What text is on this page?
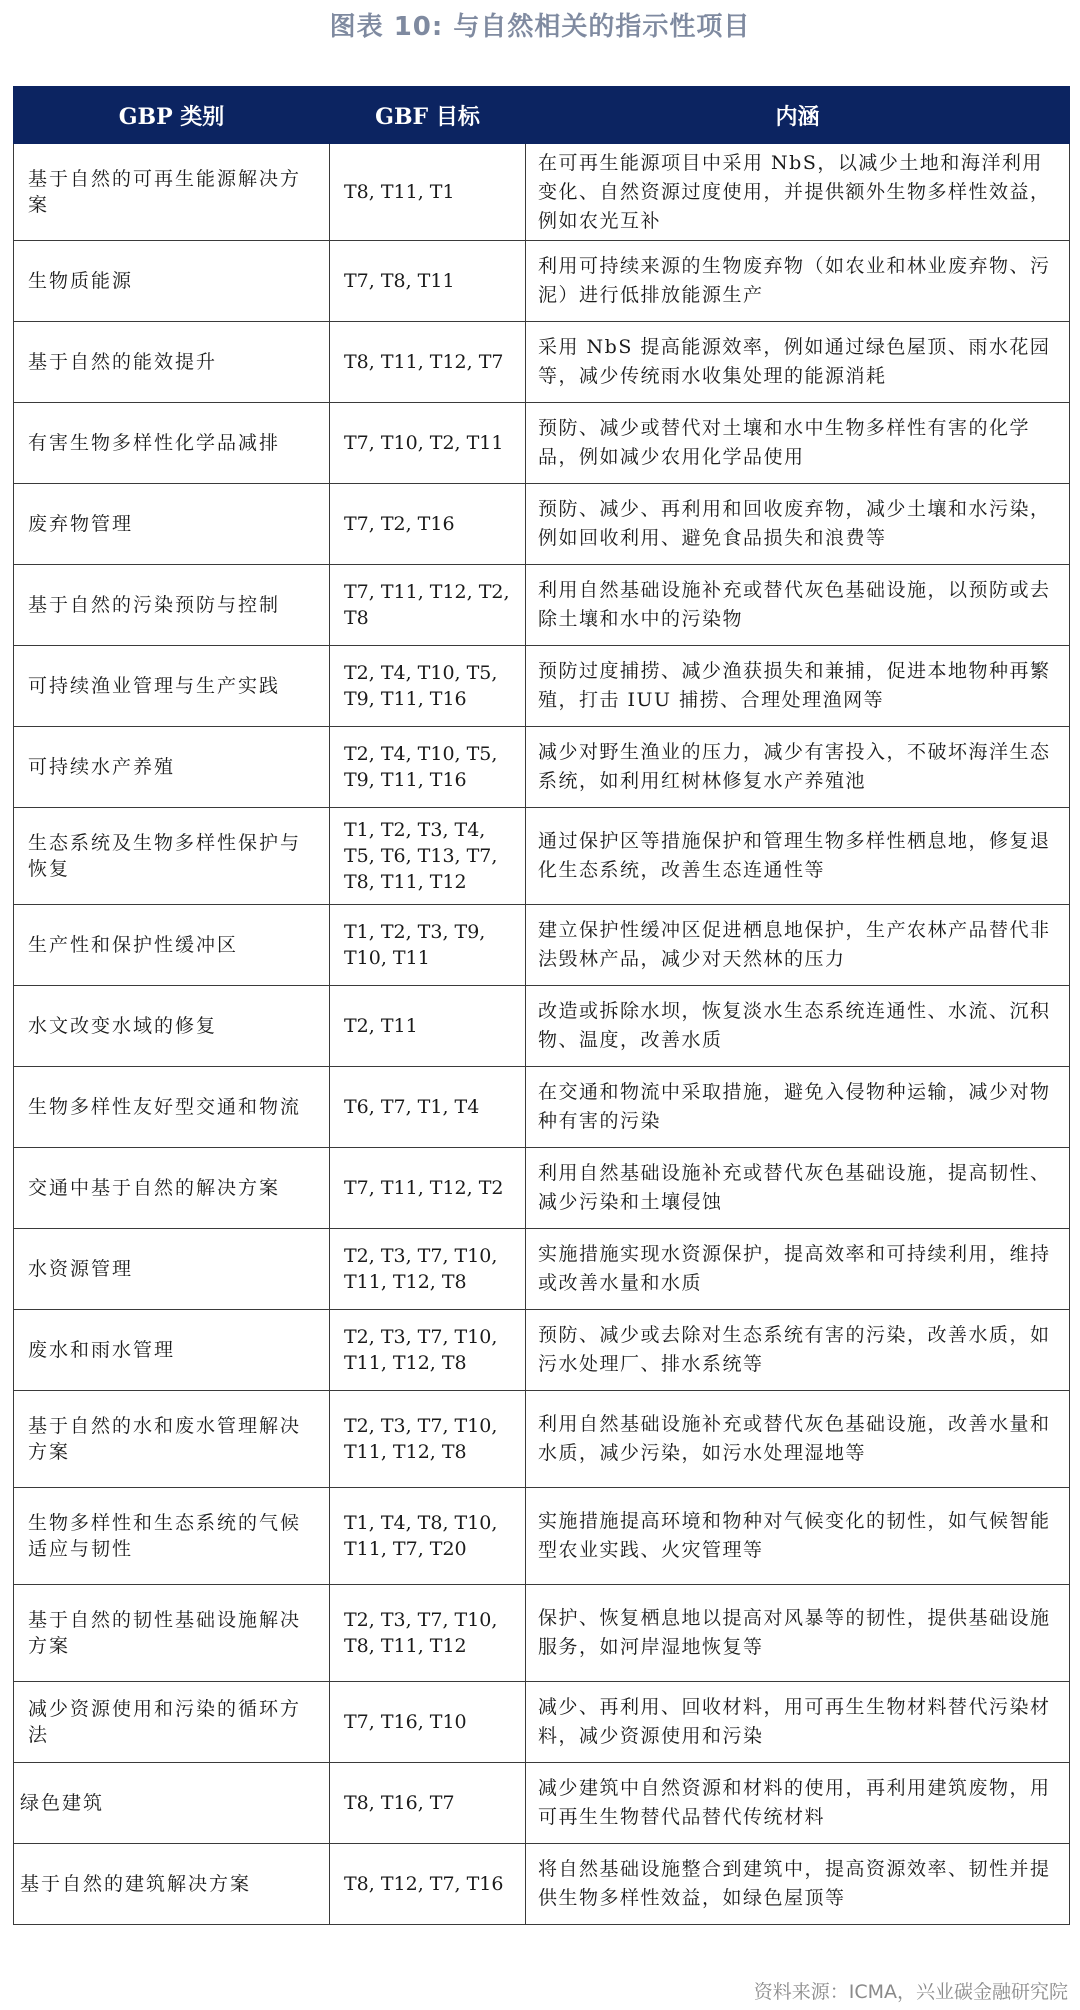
图表 10: 与自然相关的指示性项目
GBP 类别	GBF 目标	内涵
基于自然的可再生能源解决方案	T8, T11, T1	在可再生能源项目中采用 NbS，以减少土地和海洋利用变化、自然资源过度使用，并提供额外生物多样性效益，例如农光互补
生物质能源	T7, T8, T11	利用可持续来源的生物废弃物（如农业和林业废弃物、污泥）进行低排放能源生产
基于自然的能效提升	T8, T11, T12, T7	采用 NbS 提高能源效率，例如通过绿色屋顶、雨水花园等，减少传统雨水收集处理的能源消耗
有害生物多样性化学品减排	T7, T10, T2, T11	预防、减少或替代对土壤和水中生物多样性有害的化学品，例如减少农用化学品使用
废弃物管理	T7, T2, T16	预防、减少、再利用和回收废弃物，减少土壤和水污染，例如回收利用、避免食品损失和浪费等
基于自然的污染预防与控制	T7, T11, T12, T2, T8	利用自然基础设施补充或替代灰色基础设施，以预防或去除土壤和水中的污染物
可持续渔业管理与生产实践	T2, T4, T10, T5, T9, T11, T16	预防过度捕捞、减少渔获损失和兼捕，促进本地物种再繁殖，打击 IUU 捕捞、合理处理渔网等
可持续水产养殖	T2, T4, T10, T5, T9, T11, T16	减少对野生渔业的压力，减少有害投入，不破坏海洋生态系统，如利用红树林修复水产养殖池
生态系统及生物多样性保护与恢复	T1, T2, T3, T4, T5, T6, T13, T7, T8, T11, T12	通过保护区等措施保护和管理生物多样性栖息地，修复退化生态系统，改善生态连通性等
生产性和保护性缓冲区	T1, T2, T3, T9, T10, T11	建立保护性缓冲区促进栖息地保护，生产农林产品替代非法毁林产品，减少对天然林的压力
水文改变水域的修复	T2, T11	改造或拆除水坝，恢复淡水生态系统连通性、水流、沉积物、温度，改善水质
生物多样性友好型交通和物流	T6, T7, T1, T4	在交通和物流中采取措施，避免入侵物种运输，减少对物种有害的污染
交通中基于自然的解决方案	T7, T11, T12, T2	利用自然基础设施补充或替代灰色基础设施，提高韧性、减少污染和土壤侵蚀
水资源管理	T2, T3, T7, T10, T11, T12, T8	实施措施实现水资源保护，提高效率和可持续利用，维持或改善水量和水质
废水和雨水管理	T2, T3, T7, T10, T11, T12, T8	预防、减少或去除对生态系统有害的污染，改善水质，如污水处理厂、排水系统等
基于自然的水和废水管理解决方案	T2, T3, T7, T10, T11, T12, T8	利用自然基础设施补充或替代灰色基础设施，改善水量和水质，减少污染，如污水处理湿地等
生物多样性和生态系统的气候适应与韧性	T1, T4, T8, T10, T11, T7, T20	实施措施提高环境和物种对气候变化的韧性，如气候智能型农业实践、火灾管理等
基于自然的韧性基础设施解决方案	T2, T3, T7, T10, T8, T11, T12	保护、恢复栖息地以提高对风暴等的韧性，提供基础设施服务，如河岸湿地恢复等
减少资源使用和污染的循环方法	T7, T16, T10	减少、再利用、回收材料，用可再生生物材料替代污染材料，减少资源使用和污染
绿色建筑	T8, T16, T7	减少建筑中自然资源和材料的使用，再利用建筑废物，用可再生生物替代品替代传统材料
基于自然的建筑解决方案	T8, T12, T7, T16	将自然基础设施整合到建筑中，提高资源效率、韧性并提供生物多样性效益，如绿色屋顶等
资料来源：ICMA，兴业碳金融研究院
